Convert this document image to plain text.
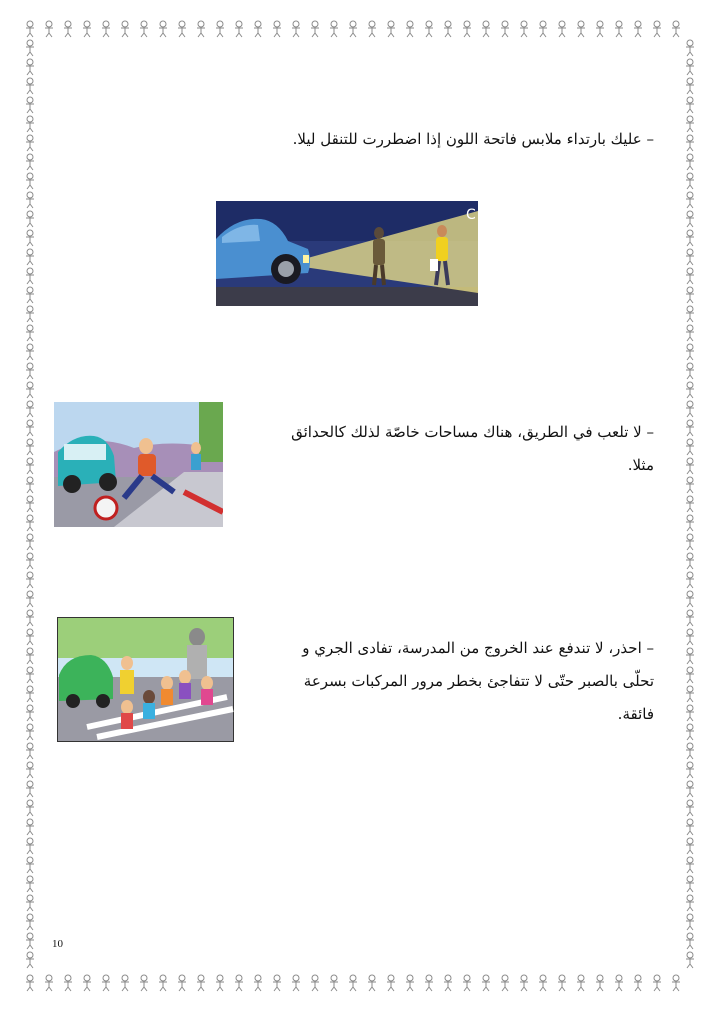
– عليك بارتداء ملابس فاتحة اللون إذا اضطررت للتنقل ليلا.
C
– لا تلعب في الطريق، هناك مساحات خاصّة لذلك كالحدائق مثلا.
– احذر، لا تندفع عند الخروج من المدرسة، تفادى الجري و تحلّى بالصبر حتّى لا تتفاجئ بخطر مرور المركبات بسرعة فائقة.
10
